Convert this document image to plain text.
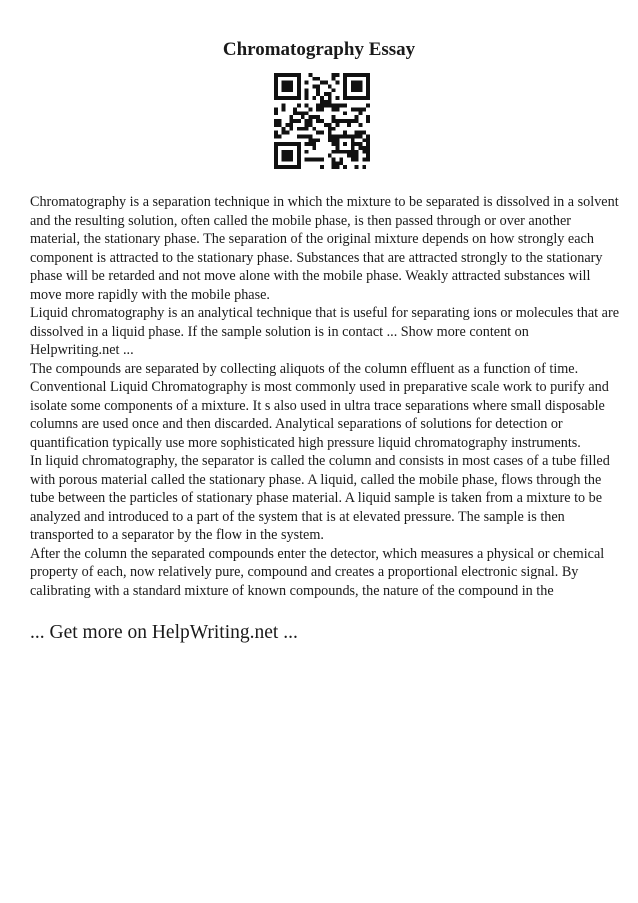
Chromatography Essay

Chromatography is a separation technique in which the mixture to be separated is dissolved in a solvent and the resulting solution, often called the mobile phase, is then passed through or over another material, the stationary phase. The separation of the original mixture depends on how strongly each component is attracted to the stationary phase. Substances that are attracted strongly to the stationary phase will be retarded and not move alone with the mobile phase. Weakly attracted substances will move more rapidly with the mobile phase.

Liquid chromatography is an analytical technique that is useful for separating ions or molecules that are dissolved in a liquid phase. If the sample solution is in contact ... Show more content on Helpwriting.net ...

The compounds are separated by collecting aliquots of the column effluent as a function of time. Conventional Liquid Chromatography is most commonly used in preparative scale work to purify and isolate some components of a mixture. It s also used in ultra trace separations where small disposable columns are used once and then discarded. Analytical separations of solutions for detection or quantification typically use more sophisticated high pressure liquid chromatography instruments.

In liquid chromatography, the separator is called the column and consists in most cases of a tube filled with porous material called the stationary phase. A liquid, called the mobile phase, flows through the tube between the particles of stationary phase material. A liquid sample is taken from a mixture to be analyzed and introduced to a part of the system that is at elevated pressure. The sample is then transported to a separator by the flow in the system.

After the column the separated compounds enter the detector, which measures a physical or chemical property of each, now relatively pure, compound and creates a proportional electronic signal. By calibrating with a standard mixture of known compounds, the nature of the compound in the

... Get more on HelpWriting.net ...
